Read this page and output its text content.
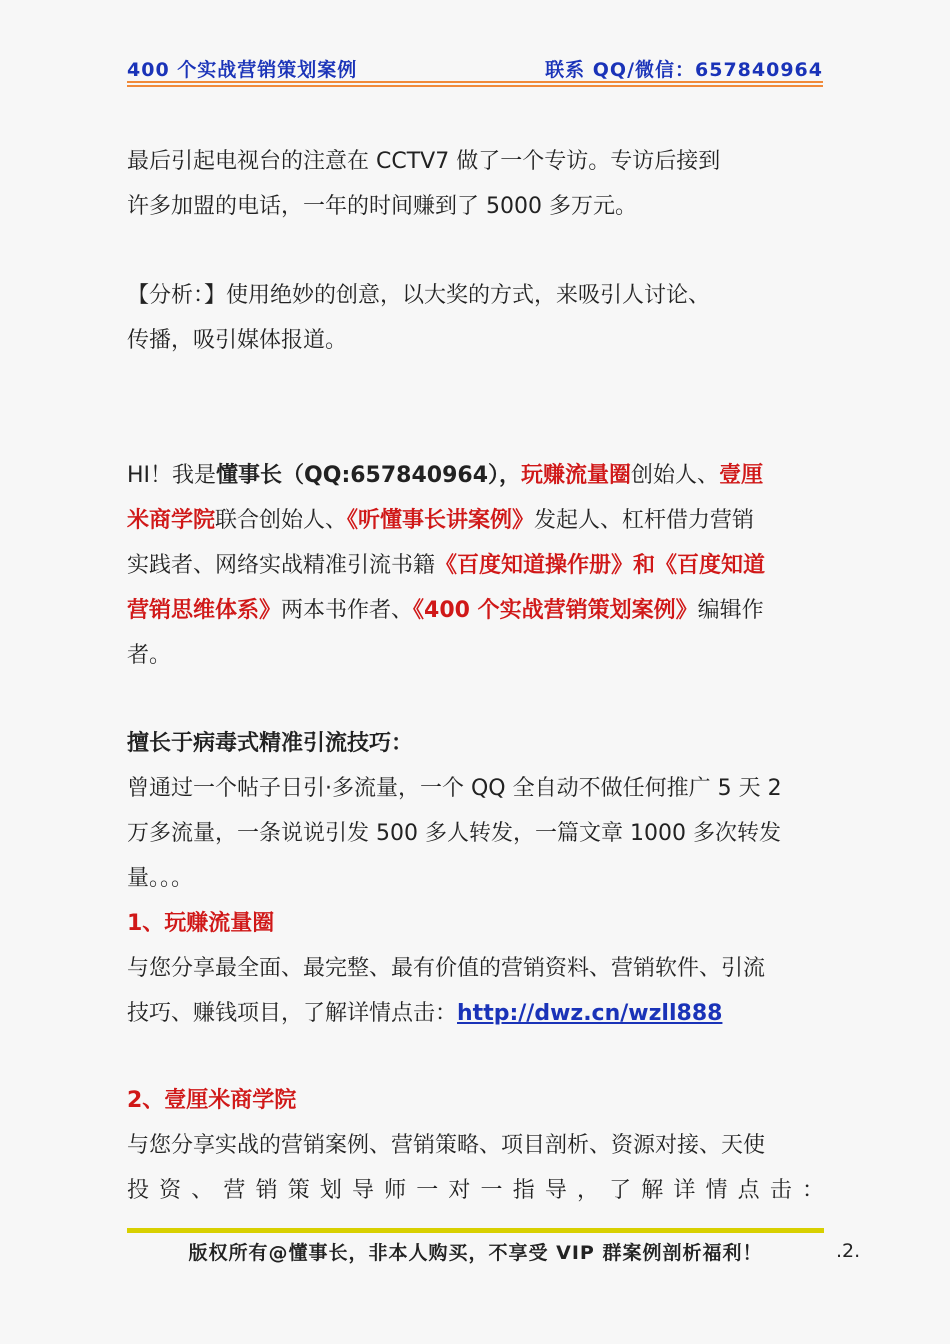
400 个实战营销策划案例	联系 QQ/微信：657840964
最后引起电视台的注意在 CCTV7 做了一个专访。专访后接到
许多加盟的电话，一年的时间赚到了 5000 多万元。
【分析：】使用绝妙的创意，以大奖的方式，来吸引人讨论、
传播，吸引媒体报道。
HI！我是懂事长（QQ:657840964），玩赚流量圈创始人、壹厘
米商学院联合创始人、《听懂事长讲案例》发起人、杠杆借力营销
实践者、网络实战精准引流书籍《百度知道操作册》和《百度知道
营销思维体系》两本书作者、《400 个实战营销策划案例》编辑作
者。
擅长于病毒式精准引流技巧：
曾通过一个帖子日引·多流量，一个 QQ 全自动不做任何推广 5 天 2
万多流量，一条说说引发 500 多人转发，一篇文章 1000 多次转发
量。。。
1、玩赚流量圈
与您分享最全面、最完整、最有价值的营销资料、营销软件、引流
技巧、赚钱项目，了解详情点击：http://dwz.cn/wzll888
2、壹厘米商学院
与您分享实战的营销案例、营销策略、项目剖析、资源对接、天使
投 资 、 营 销 策 划 导 师 一 对 一 指 导 ， 了 解 详 情 点 击 ：
版权所有@懂事长，非本人购买，不享受 VIP 群案例剖析福利！	.2.
